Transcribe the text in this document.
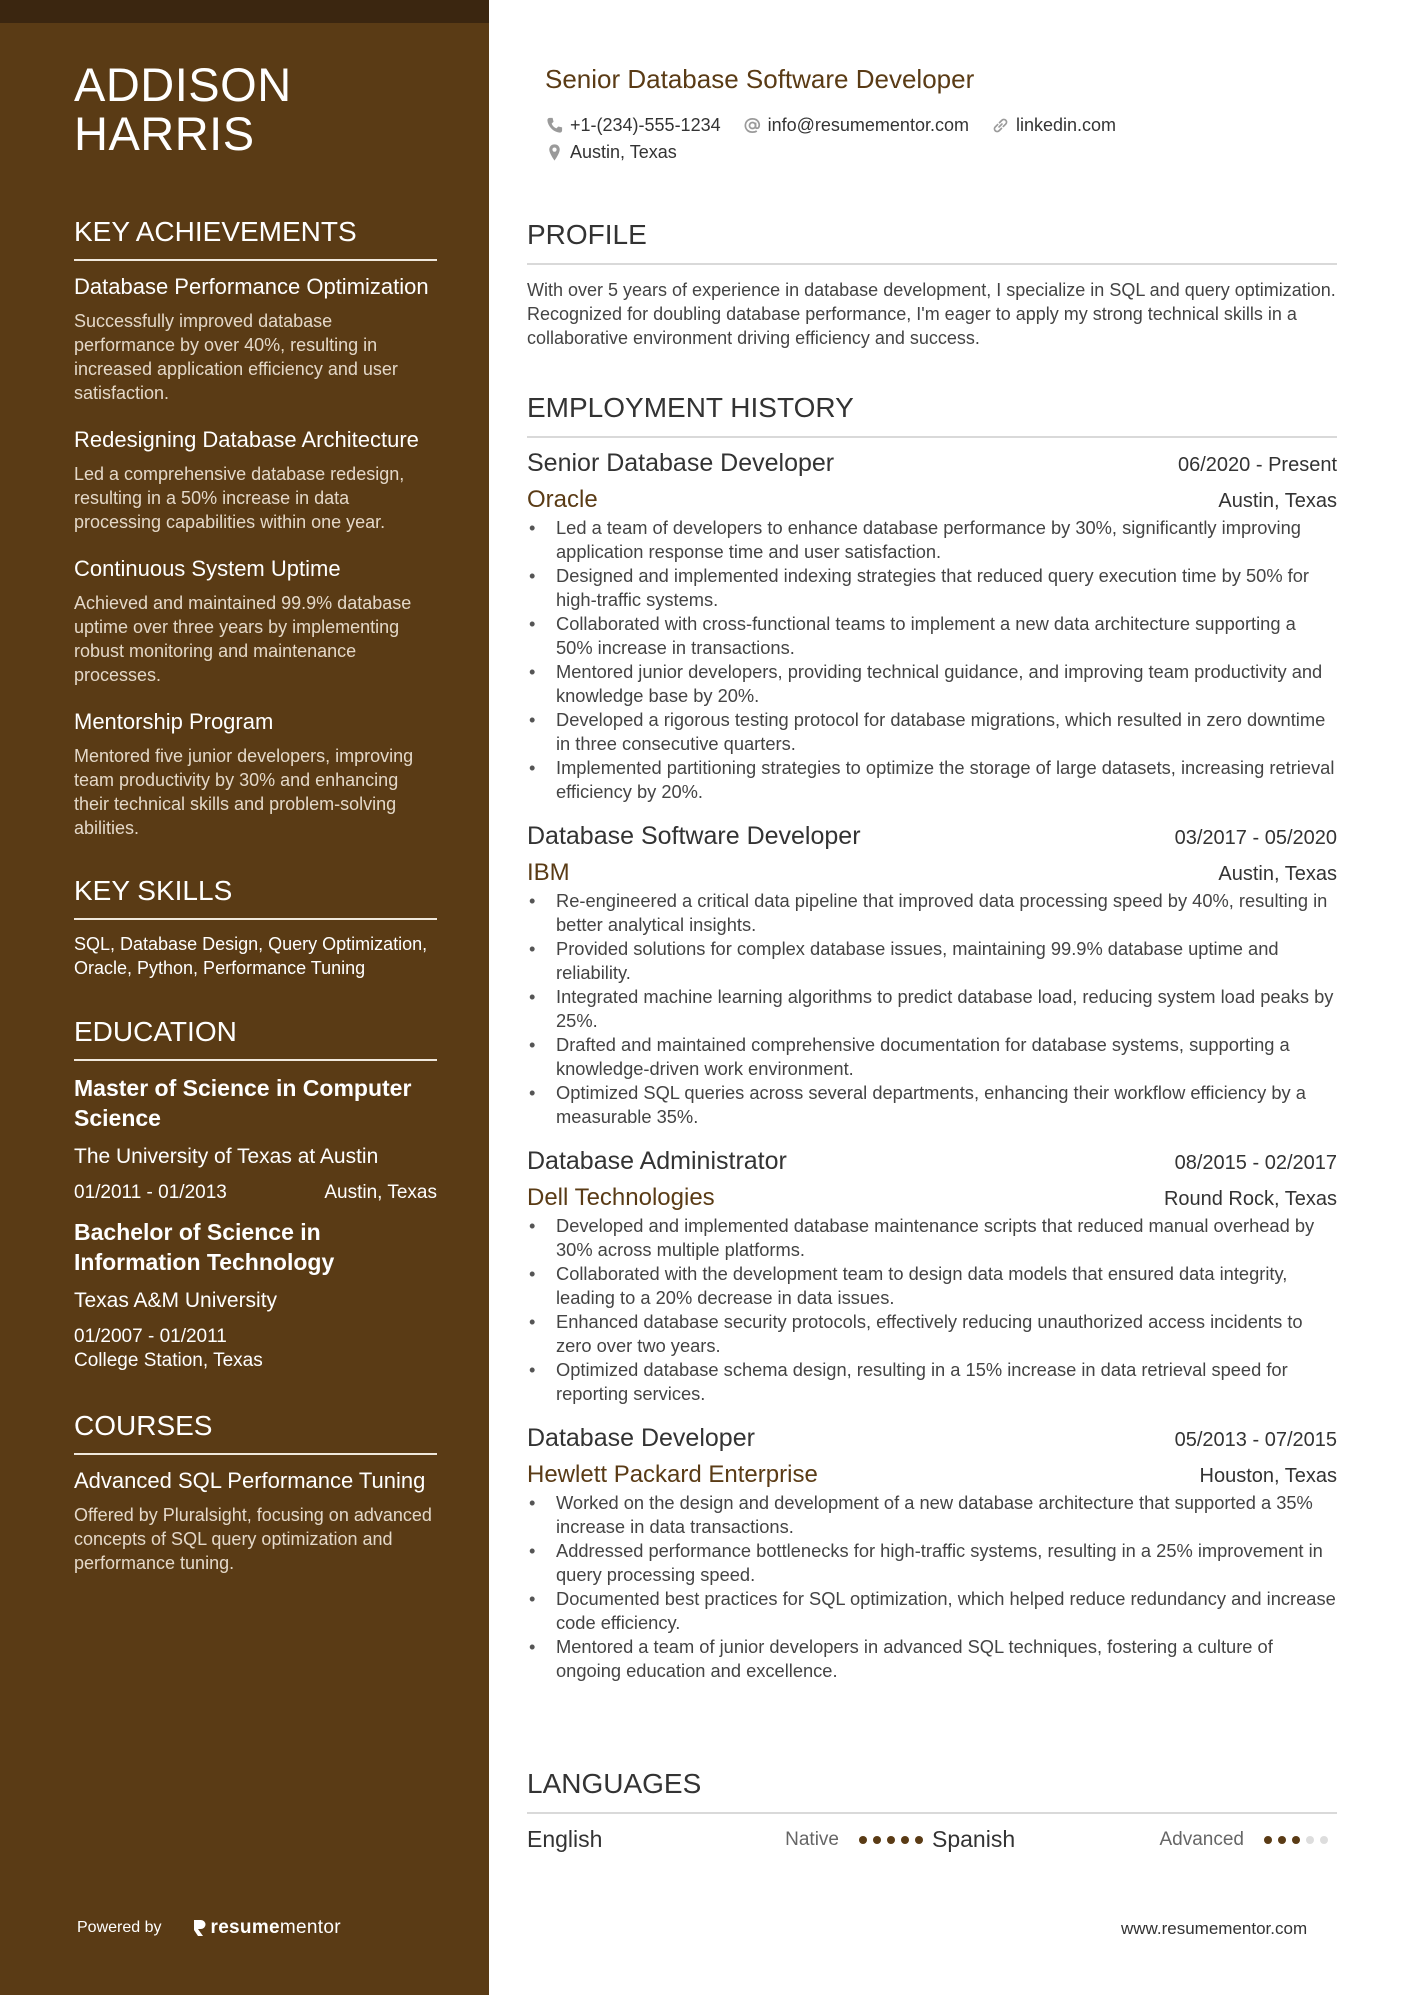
ADDISON
HARRIS
KEY ACHIEVEMENTS
Database Performance Optimization
Successfully improved database performance by over 40%, resulting in increased application efficiency and user satisfaction.
Redesigning Database Architecture
Led a comprehensive database redesign, resulting in a 50% increase in data processing capabilities within one year.
Continuous System Uptime
Achieved and maintained 99.9% database uptime over three years by implementing robust monitoring and maintenance processes.
Mentorship Program
Mentored five junior developers, improving team productivity by 30% and enhancing their technical skills and problem-solving abilities.
KEY SKILLS
SQL, Database Design, Query Optimization, Oracle, Python, Performance Tuning
EDUCATION
Master of Science in Computer Science
The University of Texas at Austin
01/2011 - 01/2013	Austin, Texas
Bachelor of Science in Information Technology
Texas A&M University
01/2007 - 01/2011
College Station, Texas
COURSES
Advanced SQL Performance Tuning
Offered by Pluralsight, focusing on advanced concepts of SQL query optimization and performance tuning.
Powered by	resume mentor
Senior Database Software Developer
+1-(234)-555-1234	info@resumementor.com	linkedin.com
Austin, Texas
PROFILE
With over 5 years of experience in database development, I specialize in SQL and query optimization. Recognized for doubling database performance, I'm eager to apply my strong technical skills in a collaborative environment driving efficiency and success.
EMPLOYMENT HISTORY
Senior Database Developer	06/2020 - Present
Oracle	Austin, Texas
• Led a team of developers to enhance database performance by 30%, significantly improving application response time and user satisfaction.
• Designed and implemented indexing strategies that reduced query execution time by 50% for high-traffic systems.
• Collaborated with cross-functional teams to implement a new data architecture supporting a 50% increase in transactions.
• Mentored junior developers, providing technical guidance, and improving team productivity and knowledge base by 20%.
• Developed a rigorous testing protocol for database migrations, which resulted in zero downtime in three consecutive quarters.
• Implemented partitioning strategies to optimize the storage of large datasets, increasing retrieval efficiency by 20%.
Database Software Developer	03/2017 - 05/2020
IBM	Austin, Texas
• Re-engineered a critical data pipeline that improved data processing speed by 40%, resulting in better analytical insights.
• Provided solutions for complex database issues, maintaining 99.9% database uptime and reliability.
• Integrated machine learning algorithms to predict database load, reducing system load peaks by 25%.
• Drafted and maintained comprehensive documentation for database systems, supporting a knowledge-driven work environment.
• Optimized SQL queries across several departments, enhancing their workflow efficiency by a measurable 35%.
Database Administrator	08/2015 - 02/2017
Dell Technologies	Round Rock, Texas
• Developed and implemented database maintenance scripts that reduced manual overhead by 30% across multiple platforms.
• Collaborated with the development team to design data models that ensured data integrity, leading to a 20% decrease in data issues.
• Enhanced database security protocols, effectively reducing unauthorized access incidents to zero over two years.
• Optimized database schema design, resulting in a 15% increase in data retrieval speed for reporting services.
Database Developer	05/2013 - 07/2015
Hewlett Packard Enterprise	Houston, Texas
• Worked on the design and development of a new database architecture that supported a 35% increase in data transactions.
• Addressed performance bottlenecks for high-traffic systems, resulting in a 25% improvement in query processing speed.
• Documented best practices for SQL optimization, which helped reduce redundancy and increase code efficiency.
• Mentored a team of junior developers in advanced SQL techniques, fostering a culture of ongoing education and excellence.
LANGUAGES
English	Native	Spanish	Advanced
www.resumementor.com
